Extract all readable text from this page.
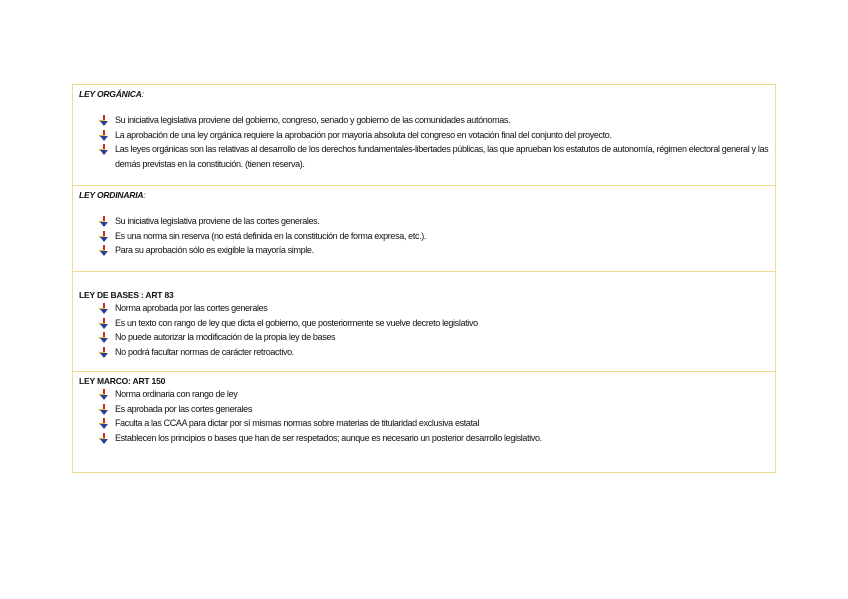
LEY ORGÁNICA:
Su iniciativa legislativa proviene del gobierno, congreso, senado y gobierno de las comunidades autónomas.
La aprobación de una ley orgánica requiere la aprobación por mayoría absoluta del congreso en votación final del conjunto del proyecto.
Las leyes orgánicas son las relativas al desarrollo de los derechos fundamentales-libertades públicas, las que aprueban los estatutos de autonomía, régimen electoral general y las demás previstas en la constitución. (tienen reserva).
LEY ORDINARIA:
Su iniciativa legislativa proviene de las cortes generales.
Es una norma sin reserva (no está definida en la constitución de forma expresa, etc.).
Para su aprobación sólo es exigible la mayoría simple.
LEY DE BASES : ART 83
Norma aprobada por las cortes generales
Es un texto con rango de ley que dicta el gobierno, que posteriormente se vuelve decreto legislativo
No puede autorizar la modificación de la propia ley de bases
No podrá facultar normas de carácter retroactivo.
LEY MARCO: ART 150
Norma ordinaria con rango de ley
Es aprobada por las cortes generales
Faculta a las CCAA para dictar por sí mismas normas sobre materias de titularidad exclusiva estatal
Establecen los principios o bases que han de ser respetados; aunque es necesario un posterior desarrollo legislativo.
